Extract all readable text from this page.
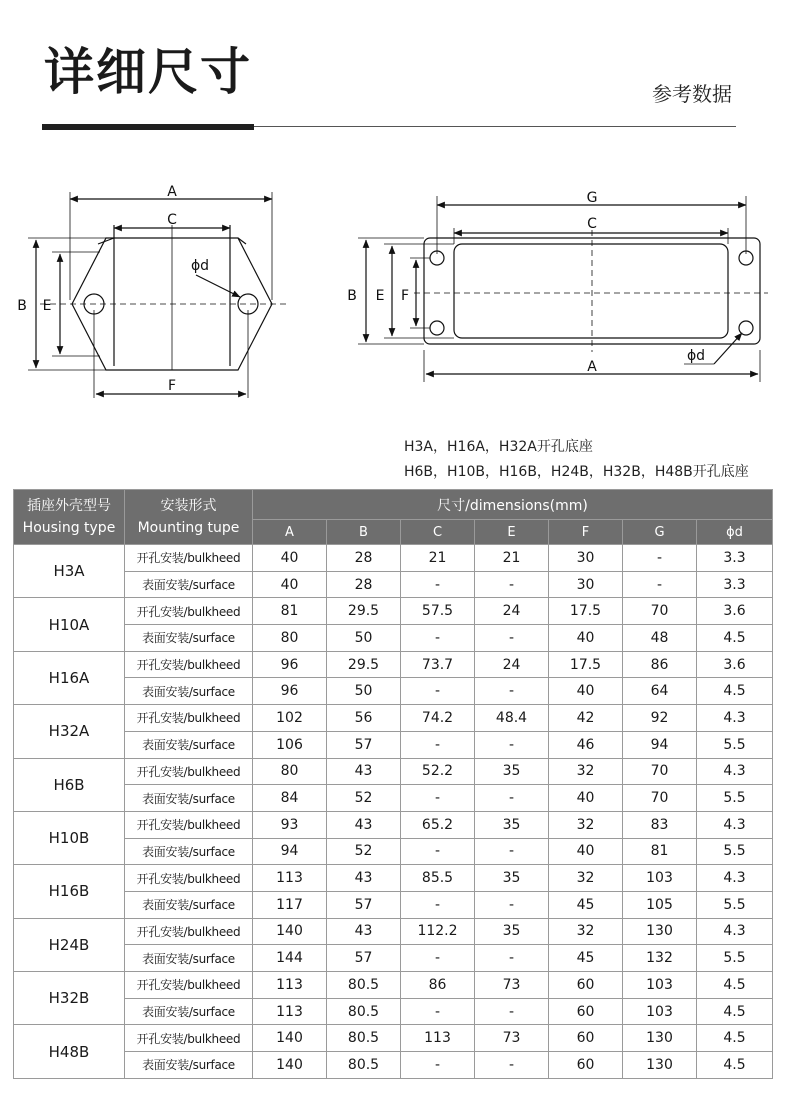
详细尺寸	参考数据
A
C
B E
F
ϕd
G
C
B E F
A
ϕd
H3A，H16A，H32A开孔底座
H6B，H10B，H16B，H24B，H32B，H48B开孔底座
插座外壳型号
Housing type	安装形式
Mounting tupe	尺寸/dimensions(mm)						
		A	B	C	E	F	G	ϕd
H3A	开孔安装/bulkheed	40	28	21	21	30	-	3.3
	表面安装/surface	40	28	-	-	30	-	3.3
H10A	开孔安装/bulkheed	81	29.5	57.5	24	17.5	70	3.6
	表面安装/surface	80	50	-	-	40	48	4.5
H16A	开孔安装/bulkheed	96	29.5	73.7	24	17.5	86	3.6
	表面安装/surface	96	50	-	-	40	64	4.5
H32A	开孔安装/bulkheed	102	56	74.2	48.4	42	92	4.3
	表面安装/surface	106	57	-	-	46	94	5.5
H6B	开孔安装/bulkheed	80	43	52.2	35	32	70	4.3
	表面安装/surface	84	52	-	-	40	70	5.5
H10B	开孔安装/bulkheed	93	43	65.2	35	32	83	4.3
	表面安装/surface	94	52	-	-	40	81	5.5
H16B	开孔安装/bulkheed	113	43	85.5	35	32	103	4.3
	表面安装/surface	117	57	-	-	45	105	5.5
H24B	开孔安装/bulkheed	140	43	112.2	35	32	130	4.3
	表面安装/surface	144	57	-	-	45	132	5.5
H32B	开孔安装/bulkheed	113	80.5	86	73	60	103	4.5
	表面安装/surface	113	80.5	-	-	60	103	4.5
H48B	开孔安装/bulkheed	140	80.5	113	73	60	130	4.5
	表面安装/surface	140	80.5	-	-	60	130	4.5
